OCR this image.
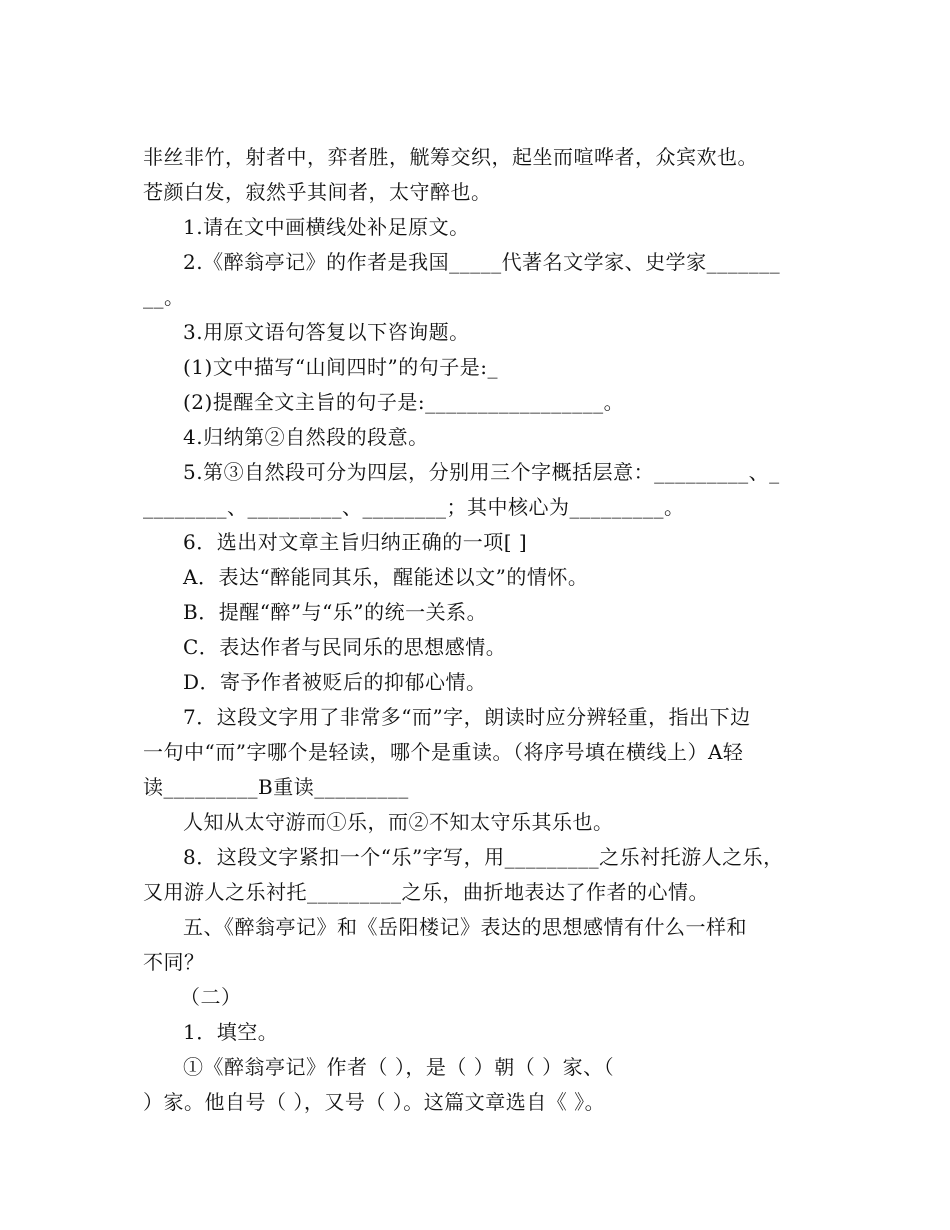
非丝非竹，射者中，弈者胜，觥筹交织，起坐而喧哗者，众宾欢也。
苍颜白发，寂然乎其间者，太守醉也。
1.请在文中画横线处补足原文。
2.《醉翁亭记》的作者是我国_____代著名文学家、史学家_______
__。
3.用原文语句答复以下咨询题。
(1)文中描写“山间四时”的句子是:_
(2)提醒全文主旨的句子是:_________________。
4.归纳第②自然段的段意。
5.第③自然段可分为四层，分别用三个字概括层意：_________、_
________、_________、________；其中核心为_________。
6．选出对文章主旨归纳正确的一项[ ]
A．表达“醉能同其乐，醒能述以文”的情怀。
B．提醒“醉”与“乐”的统一关系。
C．表达作者与民同乐的思想感情。
D．寄予作者被贬后的抑郁心情。
7．这段文字用了非常多“而”字，朗读时应分辨轻重，指出下边
一句中“而”字哪个是轻读，哪个是重读。（将序号填在横线上）A轻
读_________B重读_________
人知从太守游而①乐，而②不知太守乐其乐也。
8．这段文字紧扣一个“乐”字写，用_________之乐衬托游人之乐，
又用游人之乐衬托_________之乐，曲折地表达了作者的心情。
五、《醉翁亭记》和《岳阳楼记》表达的思想感情有什么一样和
不同？
（二）
1．填空。
①《醉翁亭记》作者（ ），是（ ）朝（ ）家、（
）家。他自号（ ），又号（ ）。这篇文章选自《 》。
